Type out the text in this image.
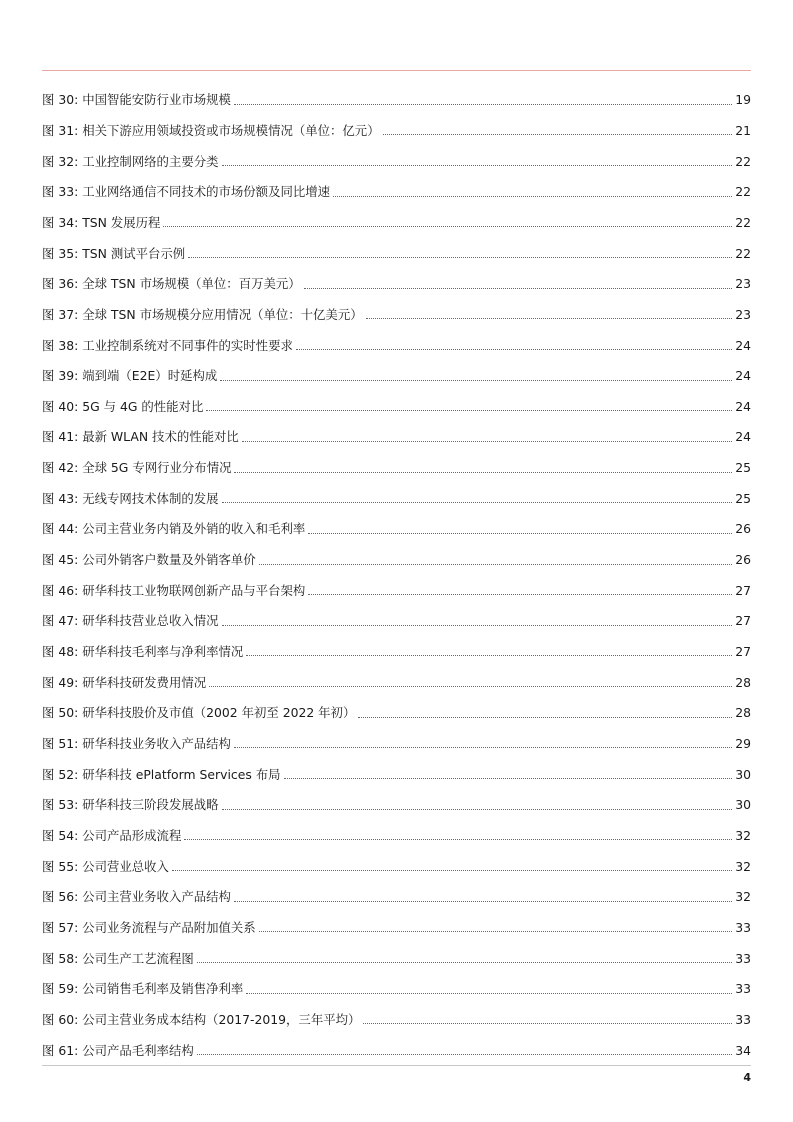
图 30: 中国智能安防行业市场规模	19
图 31: 相关下游应用领域投资或市场规模情况（单位：亿元）	21
图 32: 工业控制网络的主要分类	22
图 33: 工业网络通信不同技术的市场份额及同比增速	22
图 34: TSN 发展历程	22
图 35: TSN 测试平台示例	22
图 36: 全球 TSN 市场规模（单位：百万美元）	23
图 37: 全球 TSN 市场规模分应用情况（单位：十亿美元）	23
图 38: 工业控制系统对不同事件的实时性要求	24
图 39: 端到端（E2E）时延构成	24
图 40: 5G 与 4G 的性能对比	24
图 41: 最新 WLAN 技术的性能对比	24
图 42: 全球 5G 专网行业分布情况	25
图 43: 无线专网技术体制的发展	25
图 44: 公司主营业务内销及外销的收入和毛利率	26
图 45: 公司外销客户数量及外销客单价	26
图 46: 研华科技工业物联网创新产品与平台架构	27
图 47: 研华科技营业总收入情况	27
图 48: 研华科技毛利率与净利率情况	27
图 49: 研华科技研发费用情况	28
图 50: 研华科技股价及市值（2002 年初至 2022 年初）	28
图 51: 研华科技业务收入产品结构	29
图 52: 研华科技 ePlatform Services 布局	30
图 53: 研华科技三阶段发展战略	30
图 54: 公司产品形成流程	32
图 55: 公司营业总收入	32
图 56: 公司主营业务收入产品结构	32
图 57: 公司业务流程与产品附加值关系	33
图 58: 公司生产工艺流程图	33
图 59: 公司销售毛利率及销售净利率	33
图 60: 公司主营业务成本结构（2017-2019，三年平均）	33
图 61: 公司产品毛利率结构	34
4
